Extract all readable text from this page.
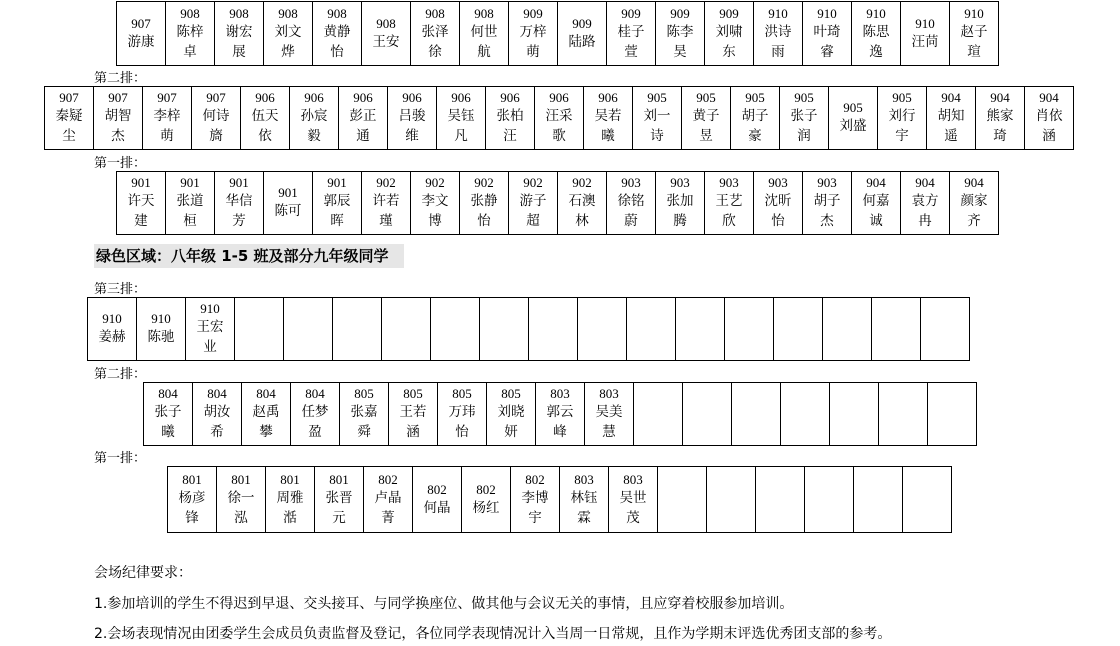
907
游康
908
陈梓卓
908
谢宏展
908
刘文烨
908
黄静怡
908
王安
908
张泽徐
908
何世航
909
万梓萌
909
陆路
909
桂子萱
909
陈李昊
909
刘啸东
910
洪诗雨
910
叶琦睿
910
陈思逸
910
汪苘
910
赵子瑄
第二排：
907
秦疑尘
907
胡智杰
907
李梓萌
907
何诗旖
906
伍天依
906
孙宸毅
906
彭正通
906
吕骏维
906
吴钰凡
906
张柏汪
906
汪采歌
906
吴若曦
905
刘一诗
905
黄子昱
905
胡子豪
905
张子润
905
刘盛
905
刘行宇
904
胡知遥
904
熊家琦
904
肖依涵
第一排：
901
许天建
901
张道桓
901
华信芳
901
陈可
901
郭辰晖
902
许若瑾
902
李文博
902
张静怡
902
游子超
902
石澳林
903
徐铭蔚
903
张加腾
903
王艺欣
903
沈昕怡
903
胡子杰
904
何嘉诚
904
袁方冉
904
颜家齐
绿色区域：八年级 1-5 班及部分九年级同学
第三排：
910
姜赫
910
陈驰
910
王宏业
第二排：
804
张子曦
804
胡汝希
804
赵禹攀
804
任梦盈
805
张嘉舜
805
王若涵
805
万玮怡
805
刘晓妍
803
郭云峰
803
吴美慧
第一排：
801
杨彦锋
801
徐一泓
801
周雅湉
801
张晋元
802
卢晶菁
802
何晶
802
杨红
802
李博宇
803
林钰霖
803
吴世茂
会场纪律要求：
1.参加培训的学生不得迟到早退、交头接耳、与同学换座位、做其他与会议无关的事情，且应穿着校服参加培训。
2.会场表现情况由团委学生会成员负责监督及登记，各位同学表现情况计入当周一日常规，且作为学期末评选优秀团支部的参考。
